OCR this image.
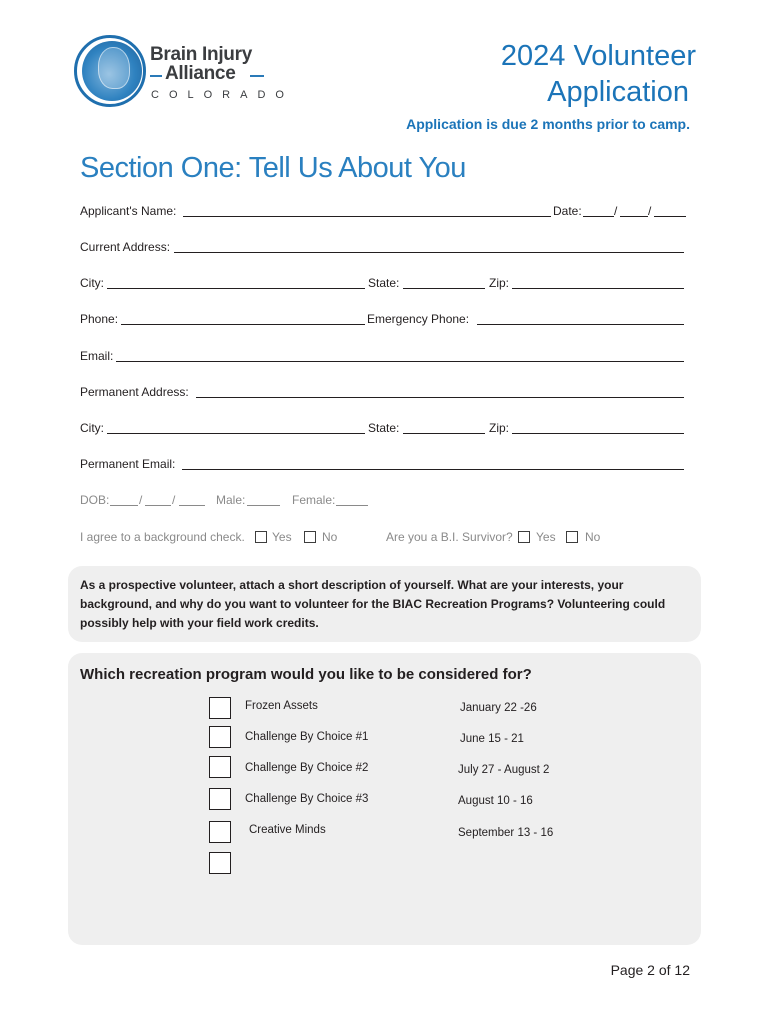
Brain Injury
Alliance
COLORADO
2024 Volunteer
Application
Application is due 2 months prior to camp.
Section One: Tell Us About You
Applicant's Name:	Date:	/	/
Current Address:
City:	State:	Zip:
Phone:	Emergency Phone:
Email:
Permanent Address:
City:	State:	Zip:
Permanent Email:
DOB: / /	Male:	Female:
I agree to a background check. Yes	No	Are you a B.I. Survivor? Yes No
As a prospective volunteer, attach a short description of yourself. What are your interests, your background, and why do you want to volunteer for the BIAC Recreation Programs? Volunteering could possibly help with your field work credits.
Which recreation program would you like to be considered for?
Frozen Assets	January 22 -26
Challenge By Choice #1	June 15 - 21
Challenge By Choice #2	July 27 - August 2
Challenge By Choice #3	August 10 - 16
Creative Minds	September 13 - 16
Page 2 of 12
